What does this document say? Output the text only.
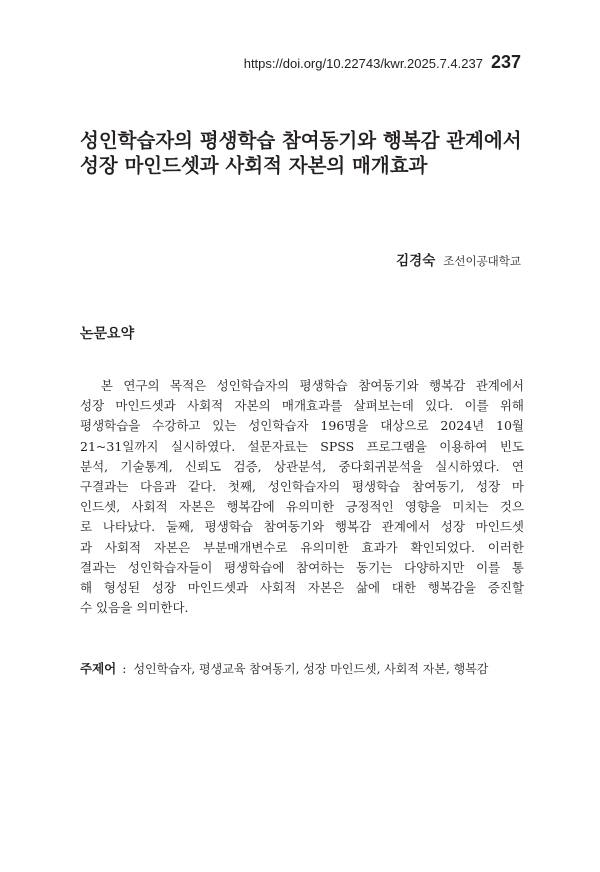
https://doi.org/10.22743/kwr.2025.7.4.237 237
성인학습자의 평생학습 참여동기와 행복감 관계에서
성장 마인드셋과 사회적 자본의 매개효과
김경숙 조선이공대학교
논문요약
본 연구의 목적은 성인학습자의 평생학습 참여동기와 행복감 관계에서
성장 마인드셋과 사회적 자본의 매개효과를 살펴보는데 있다. 이를 위해
평생학습을 수강하고 있는 성인학습자 196명을 대상으로 2024년 10월
21~31일까지 실시하였다. 설문자료는 SPSS 프로그램을 이용하여 빈도
분석, 기술통계, 신뢰도 검증, 상관분석, 중다회귀분석을 실시하였다. 연
구결과는 다음과 같다. 첫째, 성인학습자의 평생학습 참여동기, 성장 마
인드셋, 사회적 자본은 행복감에 유의미한 긍정적인 영향을 미치는 것으
로 나타났다. 둘째, 평생학습 참여동기와 행복감 관계에서 성장 마인드셋
과 사회적 자본은 부분매개변수로 유의미한 효과가 확인되었다. 이러한
결과는 성인학습자들이 평생학습에 참여하는 동기는 다양하지만 이를 통
해 형성된 성장 마인드셋과 사회적 자본은 삶에 대한 행복감을 증진할
수 있음을 의미한다.
주제어 : 성인학습자, 평생교육 참여동기, 성장 마인드셋, 사회적 자본, 행복감
